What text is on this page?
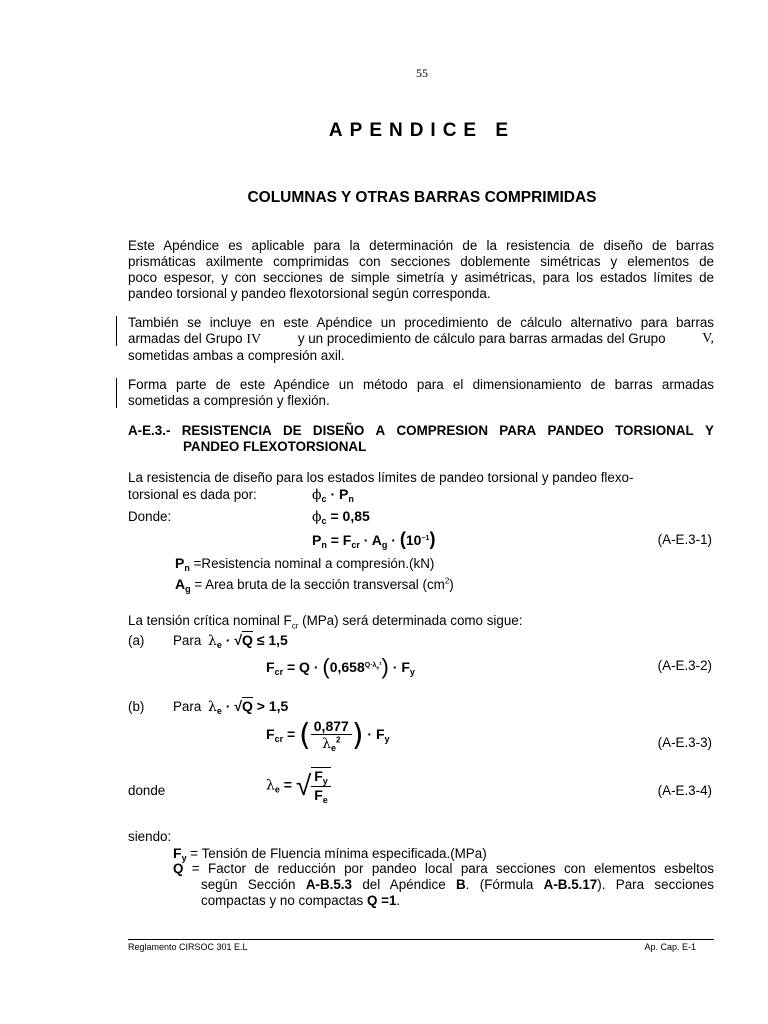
55
APENDICE E
COLUMNAS Y OTRAS BARRAS COMPRIMIDAS
Este Apéndice es aplicable para la determinación de la resistencia de diseño de barras
prismáticas axilmente comprimidas con secciones doblemente simétricas y elementos de
poco espesor, y con secciones de simple simetría y asimétricas, para los estados límites de
pandeo torsional y pandeo flexotorsional según corresponda.
También se incluye en este Apéndice un procedimiento de cálculo alternativo para barras
armadas del Grupo IV	y un procedimiento de cálculo para barras armadas del Grupo	V,
sometidas ambas a compresión axil.
Forma parte de este Apéndice un método para el dimensionamiento de barras armadas
sometidas a compresión y flexión.
A-E.3.- RESISTENCIA DE DISEÑO A COMPRESION PARA PANDEO TORSIONAL Y
PANDEO FLEXOTORSIONAL
La resistencia de diseño para los estados límites de pandeo torsional y pandeo flexo-
torsional es dada por:	$\phi_c \cdot P_n$
Donde:	$\phi_c = 0,85$
$P_n = F_{cr} \cdot A_g \cdot (10^{-1})$	(A-E.3-1)
$P_n$ =Resistencia nominal a compresión.(kN)
$A_g$ = Area bruta de la sección transversal $(cm^2)$
La tensión crítica nominal $F_{cr}$ (MPa) será determinada como sigue:
(a) Para $\lambda_e \cdot √Q \le 1,5$
$F_{cr} = Q \cdot (0,658^{Q\cdot\lambda_e^2}) \cdot F_y$	(A-E.3-2)
(b) Para $\lambda_e \cdot √Q > 1,5$
$F_{cr}$ = ( $\frac{0,877}{\lambda_e^2}$ ) · $F_y$	(A-E.3-3)
donde	$\lambda_e$ = √ $\frac{F_y}{F_e}$	(A-E.3-4)
siendo:
$F_y$ = Tensión de Fluencia mínima especificada.(MPa)
Q = Factor de reducción por pandeo local para secciones con elementos esbeltos
según Sección A-B.5.3 del Apéndice B. (Fórmula A-B.5.17). Para secciones
compactas y no compactas Q =1.
Reglamento CIRSOC 301 E.L	Ap. Cap. E-1
